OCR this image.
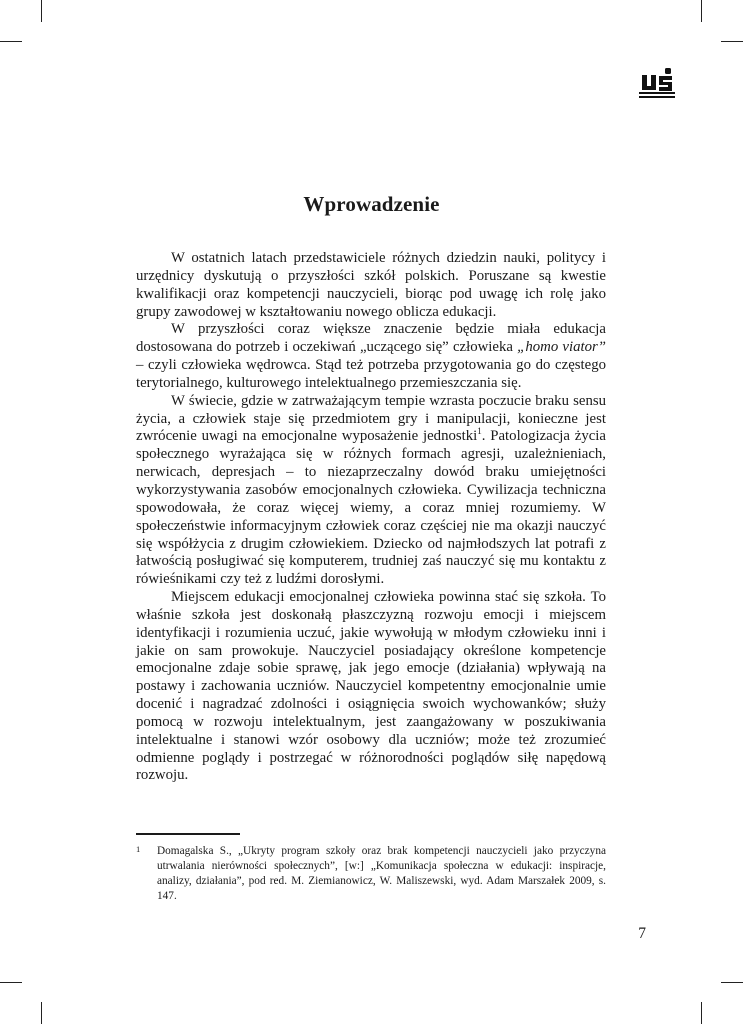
Wprowadzenie

W ostatnich latach przedstawiciele różnych dziedzin nauki, politycy i urzędnicy dyskutują o przyszłości szkół polskich. Poruszane są kwestie kwalifikacji oraz kompetencji nauczycieli, biorąc pod uwagę ich rolę jako grupy zawodowej w kształtowaniu nowego oblicza edukacji.

W przyszłości coraz większe znaczenie będzie miała edukacja dostosowana do potrzeb i oczekiwań „uczącego się” człowieka „homo viator” – czyli człowieka wędrowca. Stąd też potrzeba przygotowania go do częstego terytorialnego, kulturowego intelektualnego przemieszczania się.

W świecie, gdzie w zatrważającym tempie wzrasta poczucie braku sensu życia, a człowiek staje się przedmiotem gry i manipulacji, konieczne jest zwrócenie uwagi na emocjonalne wyposażenie jednostki$^1$. Patologizacja życia społecznego wyrażająca się w różnych formach agresji, uzależnieniach, nerwicach, depresjach – to niezaprzeczalny dowód braku umiejętności wykorzystywania zasobów emocjonalnych człowieka. Cywilizacja techniczna spowodowała, że coraz więcej wiemy, a coraz mniej rozumiemy. W społeczeństwie informacyjnym człowiek coraz częściej nie ma okazji nauczyć się współżycia z drugim człowiekiem. Dziecko od najmłodszych lat potrafi z łatwością posługiwać się komputerem, trudniej zaś nauczyć się mu kontaktu z rówieśnikami czy też z ludźmi dorosłymi.

Miejscem edukacji emocjonalnej człowieka powinna stać się szkoła. To właśnie szkoła jest doskonałą płaszczyzną rozwoju emocji i miejscem identyfikacji i rozumienia uczuć, jakie wywołują w młodym człowieku inni i jakie on sam prowokuje. Nauczyciel posiadający określone kompetencje emocjonalne zdaje sobie sprawę, jak jego emocje (działania) wpływają na postawy i zachowania uczniów. Nauczyciel kompetentny emocjonalnie umie docenić i nagradzać zdolności i osiągnięcia swoich wychowanków; służy pomocą w rozwoju intelektualnym, jest zaangażowany w poszukiwania intelektualne i stanowi wzór osobowy dla uczniów; może też zrozumieć odmienne poglądy i postrzegać w różnorodności poglądów siłę napędową rozwoju.

1 Domagalska S., „Ukryty program szkoły oraz brak kompetencji nauczycieli jako przyczyna utrwalania nierówności społecznych”, [w:] „Komunikacja społeczna w edukacji: inspiracje, analizy, działania”, pod red. M. Ziemianowicz, W. Maliszewski, wyd. Adam Marszałek 2009, s. 147.
7
